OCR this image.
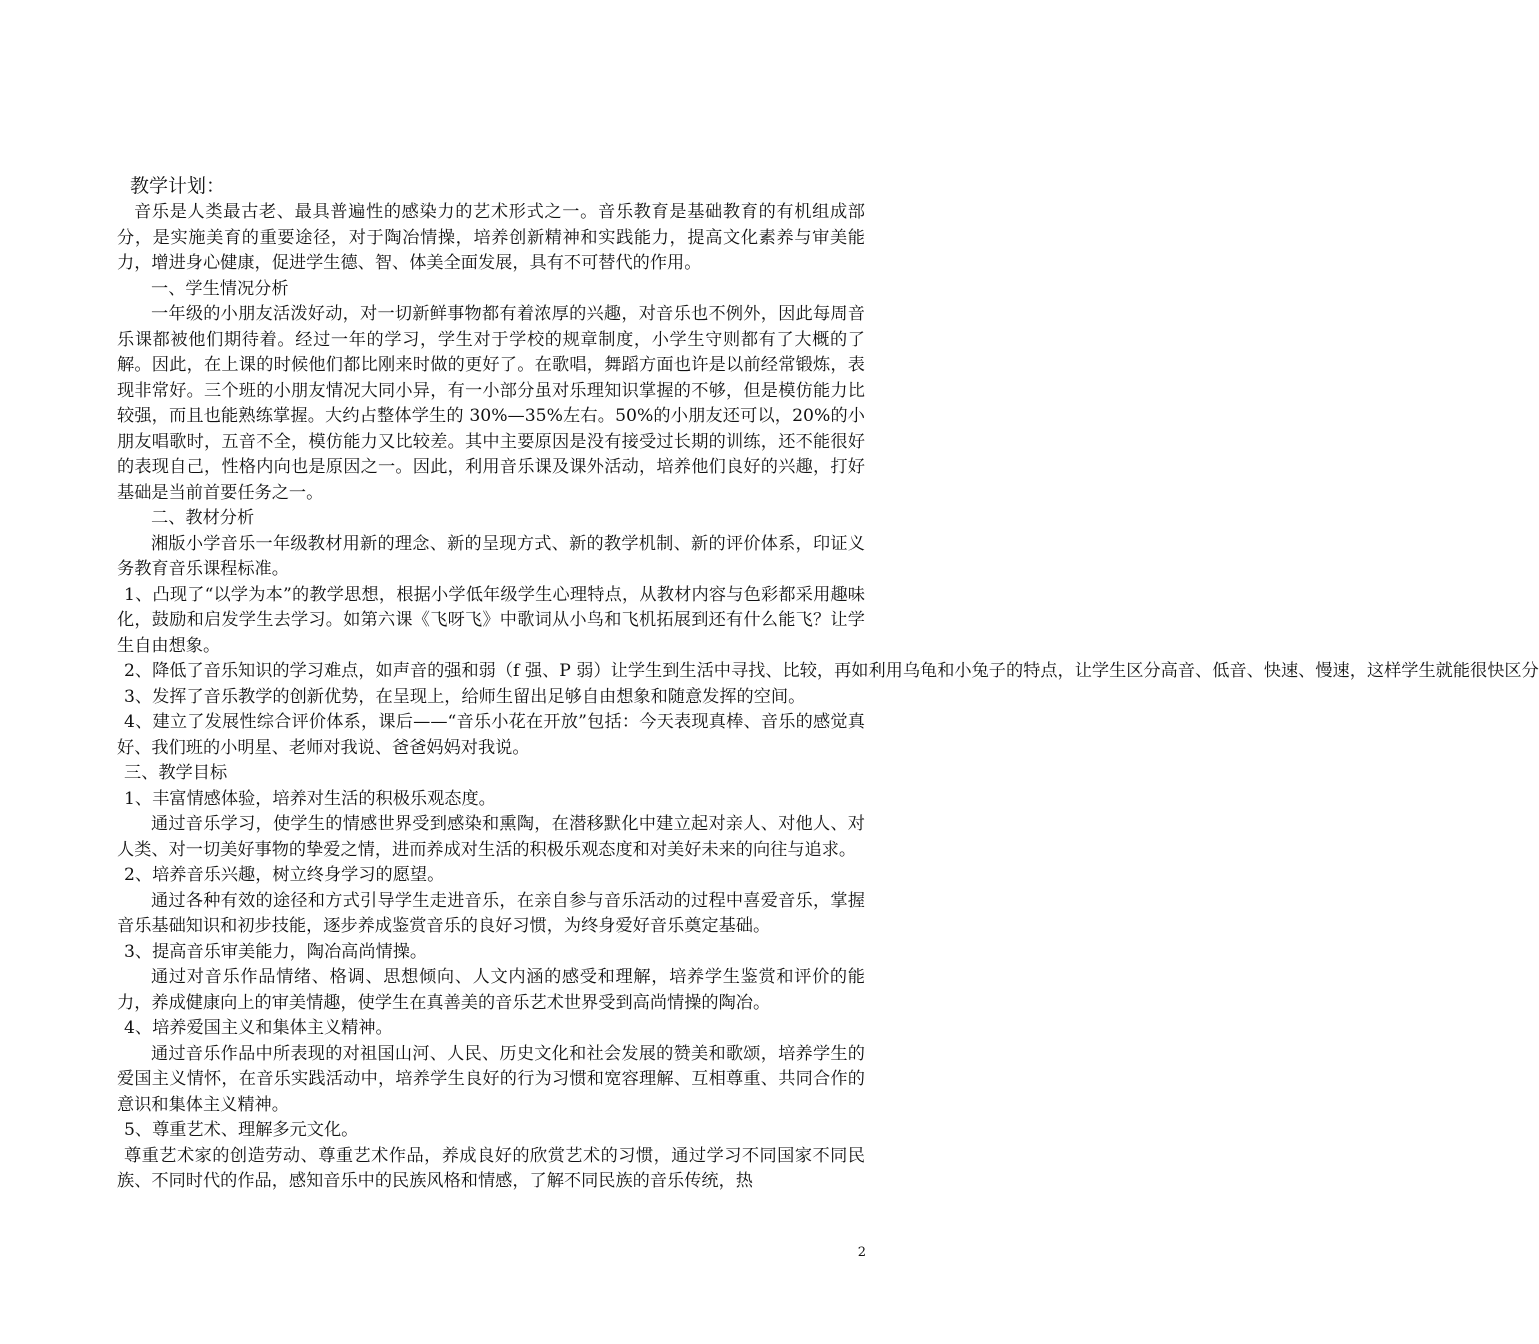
教学计划：

音乐是人类最古老、最具普遍性的感染力的艺术形式之一。音乐教育是基础教育的有机组成部分，是实施美育的重要途径，对于陶冶情操，培养创新精神和实践能力，提高文化素养与审美能力，增进身心健康，促进学生德、智、体美全面发展，具有不可替代的作用。

一、学生情况分析

一年级的小朋友活泼好动，对一切新鲜事物都有着浓厚的兴趣，对音乐也不例外，因此每周音乐课都被他们期待着。经过一年的学习，学生对于学校的规章制度，小学生守则都有了大概的了解。因此，在上课的时候他们都比刚来时做的更好了。在歌唱，舞蹈方面也许是以前经常锻炼，表现非常好。三个班的小朋友情况大同小异，有一小部分虽对乐理知识掌握的不够，但是模仿能力比较强，而且也能熟练掌握。大约占整体学生的 30%—35%左右。50%的小朋友还可以，20%的小朋友唱歌时，五音不全，模仿能力又比较差。其中主要原因是没有接受过长期的训练，还不能很好的表现自己，性格内向也是原因之一。因此，利用音乐课及课外活动，培养他们良好的兴趣，打好基础是当前首要任务之一。

二、教材分析

湘版小学音乐一年级教材用新的理念、新的呈现方式、新的教学机制、新的评价体系，印证义务教育音乐课程标准。

1、凸现了“以学为本”的教学思想，根据小学低年级学生心理特点，从教材内容与色彩都采用趣味化，鼓励和启发学生去学习。如第六课《飞呀飞》中歌词从小鸟和飞机拓展到还有什么能飞？让学生自由想象。

2、降低了音乐知识的学习难点，如声音的强和弱（f 强、P 弱）让学生到生活中寻找、比较，再如利用乌龟和小兔子的特点，让学生区分高音、低音、快速、慢速，这样学生就能很快区分

3、发挥了音乐教学的创新优势，在呈现上，给师生留出足够自由想象和随意发挥的空间。

4、建立了发展性综合评价体系，课后——“音乐小花在开放”包括：今天表现真棒、音乐的感觉真好、我们班的小明星、老师对我说、爸爸妈妈对我说。

三、教学目标

1、丰富情感体验，培养对生活的积极乐观态度。

通过音乐学习，使学生的情感世界受到感染和熏陶，在潜移默化中建立起对亲人、对他人、对人类、对一切美好事物的挚爱之情，进而养成对生活的积极乐观态度和对美好未来的向往与追求。

2、培养音乐兴趣，树立终身学习的愿望。

通过各种有效的途径和方式引导学生走进音乐，在亲自参与音乐活动的过程中喜爱音乐，掌握音乐基础知识和初步技能，逐步养成鉴赏音乐的良好习惯，为终身爱好音乐奠定基础。

3、提高音乐审美能力，陶冶高尚情操。

通过对音乐作品情绪、格调、思想倾向、人文内涵的感受和理解，培养学生鉴赏和评价的能力，养成健康向上的审美情趣，使学生在真善美的音乐艺术世界受到高尚情操的陶冶。

4、培养爱国主义和集体主义精神。

通过音乐作品中所表现的对祖国山河、人民、历史文化和社会发展的赞美和歌颂，培养学生的爱国主义情怀，在音乐实践活动中，培养学生良好的行为习惯和宽容理解、互相尊重、共同合作的意识和集体主义精神。

5、尊重艺术、理解多元文化。

尊重艺术家的创造劳动、尊重艺术作品，养成良好的欣赏艺术的习惯，通过学习不同国家不同民族、不同时代的作品，感知音乐中的民族风格和情感，了解不同民族的音乐传统，热

2
